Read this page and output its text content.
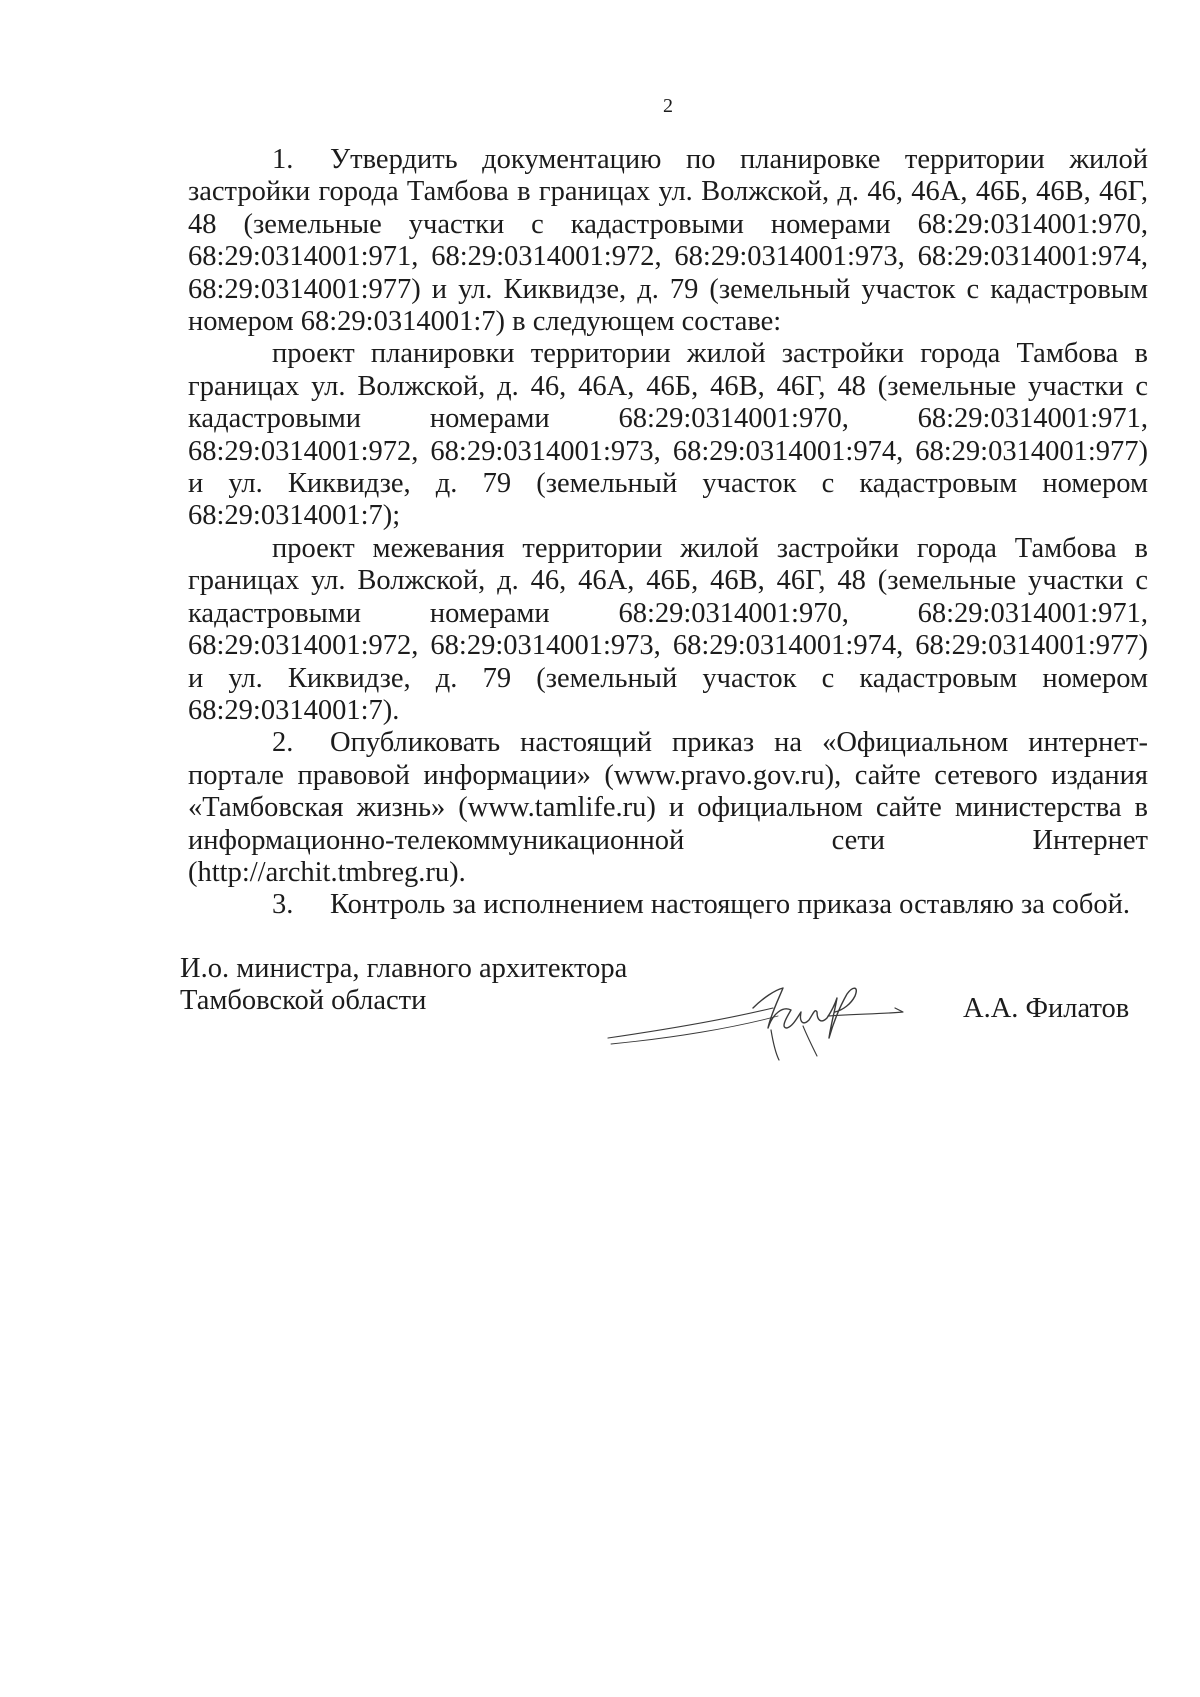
2

1. Утвердить документацию по планировке территории жилой застройки города Тамбова в границах ул. Волжской, д. 46, 46А, 46Б, 46В, 46Г, 48 (земельные участки с кадастровыми номерами 68:29:0314001:970, 68:29:0314001:971, 68:29:0314001:972, 68:29:0314001:973, 68:29:0314001:974, 68:29:0314001:977) и ул. Киквидзе, д. 79 (земельный участок с кадастровым номером 68:29:0314001:7) в следующем составе:

проект планировки территории жилой застройки города Тамбова в границах ул. Волжской, д. 46, 46А, 46Б, 46В, 46Г, 48 (земельные участки с кадастровыми номерами 68:29:0314001:970, 68:29:0314001:971, 68:29:0314001:972, 68:29:0314001:973, 68:29:0314001:974, 68:29:0314001:977) и ул. Киквидзе, д. 79 (земельный участок с кадастровым номером 68:29:0314001:7);

проект межевания территории жилой застройки города Тамбова в границах ул. Волжской, д. 46, 46А, 46Б, 46В, 46Г, 48 (земельные участки с кадастровыми номерами 68:29:0314001:970, 68:29:0314001:971, 68:29:0314001:972, 68:29:0314001:973, 68:29:0314001:974, 68:29:0314001:977) и ул. Киквидзе, д. 79 (земельный участок с кадастровым номером 68:29:0314001:7).

2. Опубликовать настоящий приказ на «Официальном интернет-портале правовой информации» (www.pravo.gov.ru), сайте сетевого издания «Тамбовская жизнь» (www.tamlife.ru) и официальном сайте министерства в информационно-телекоммуникационной сети Интернет (http://archit.tmbreg.ru).

3. Контроль за исполнением настоящего приказа оставляю за собой.

И.о. министра, главного архитектора
Тамбовской области	А.А. Филатов
